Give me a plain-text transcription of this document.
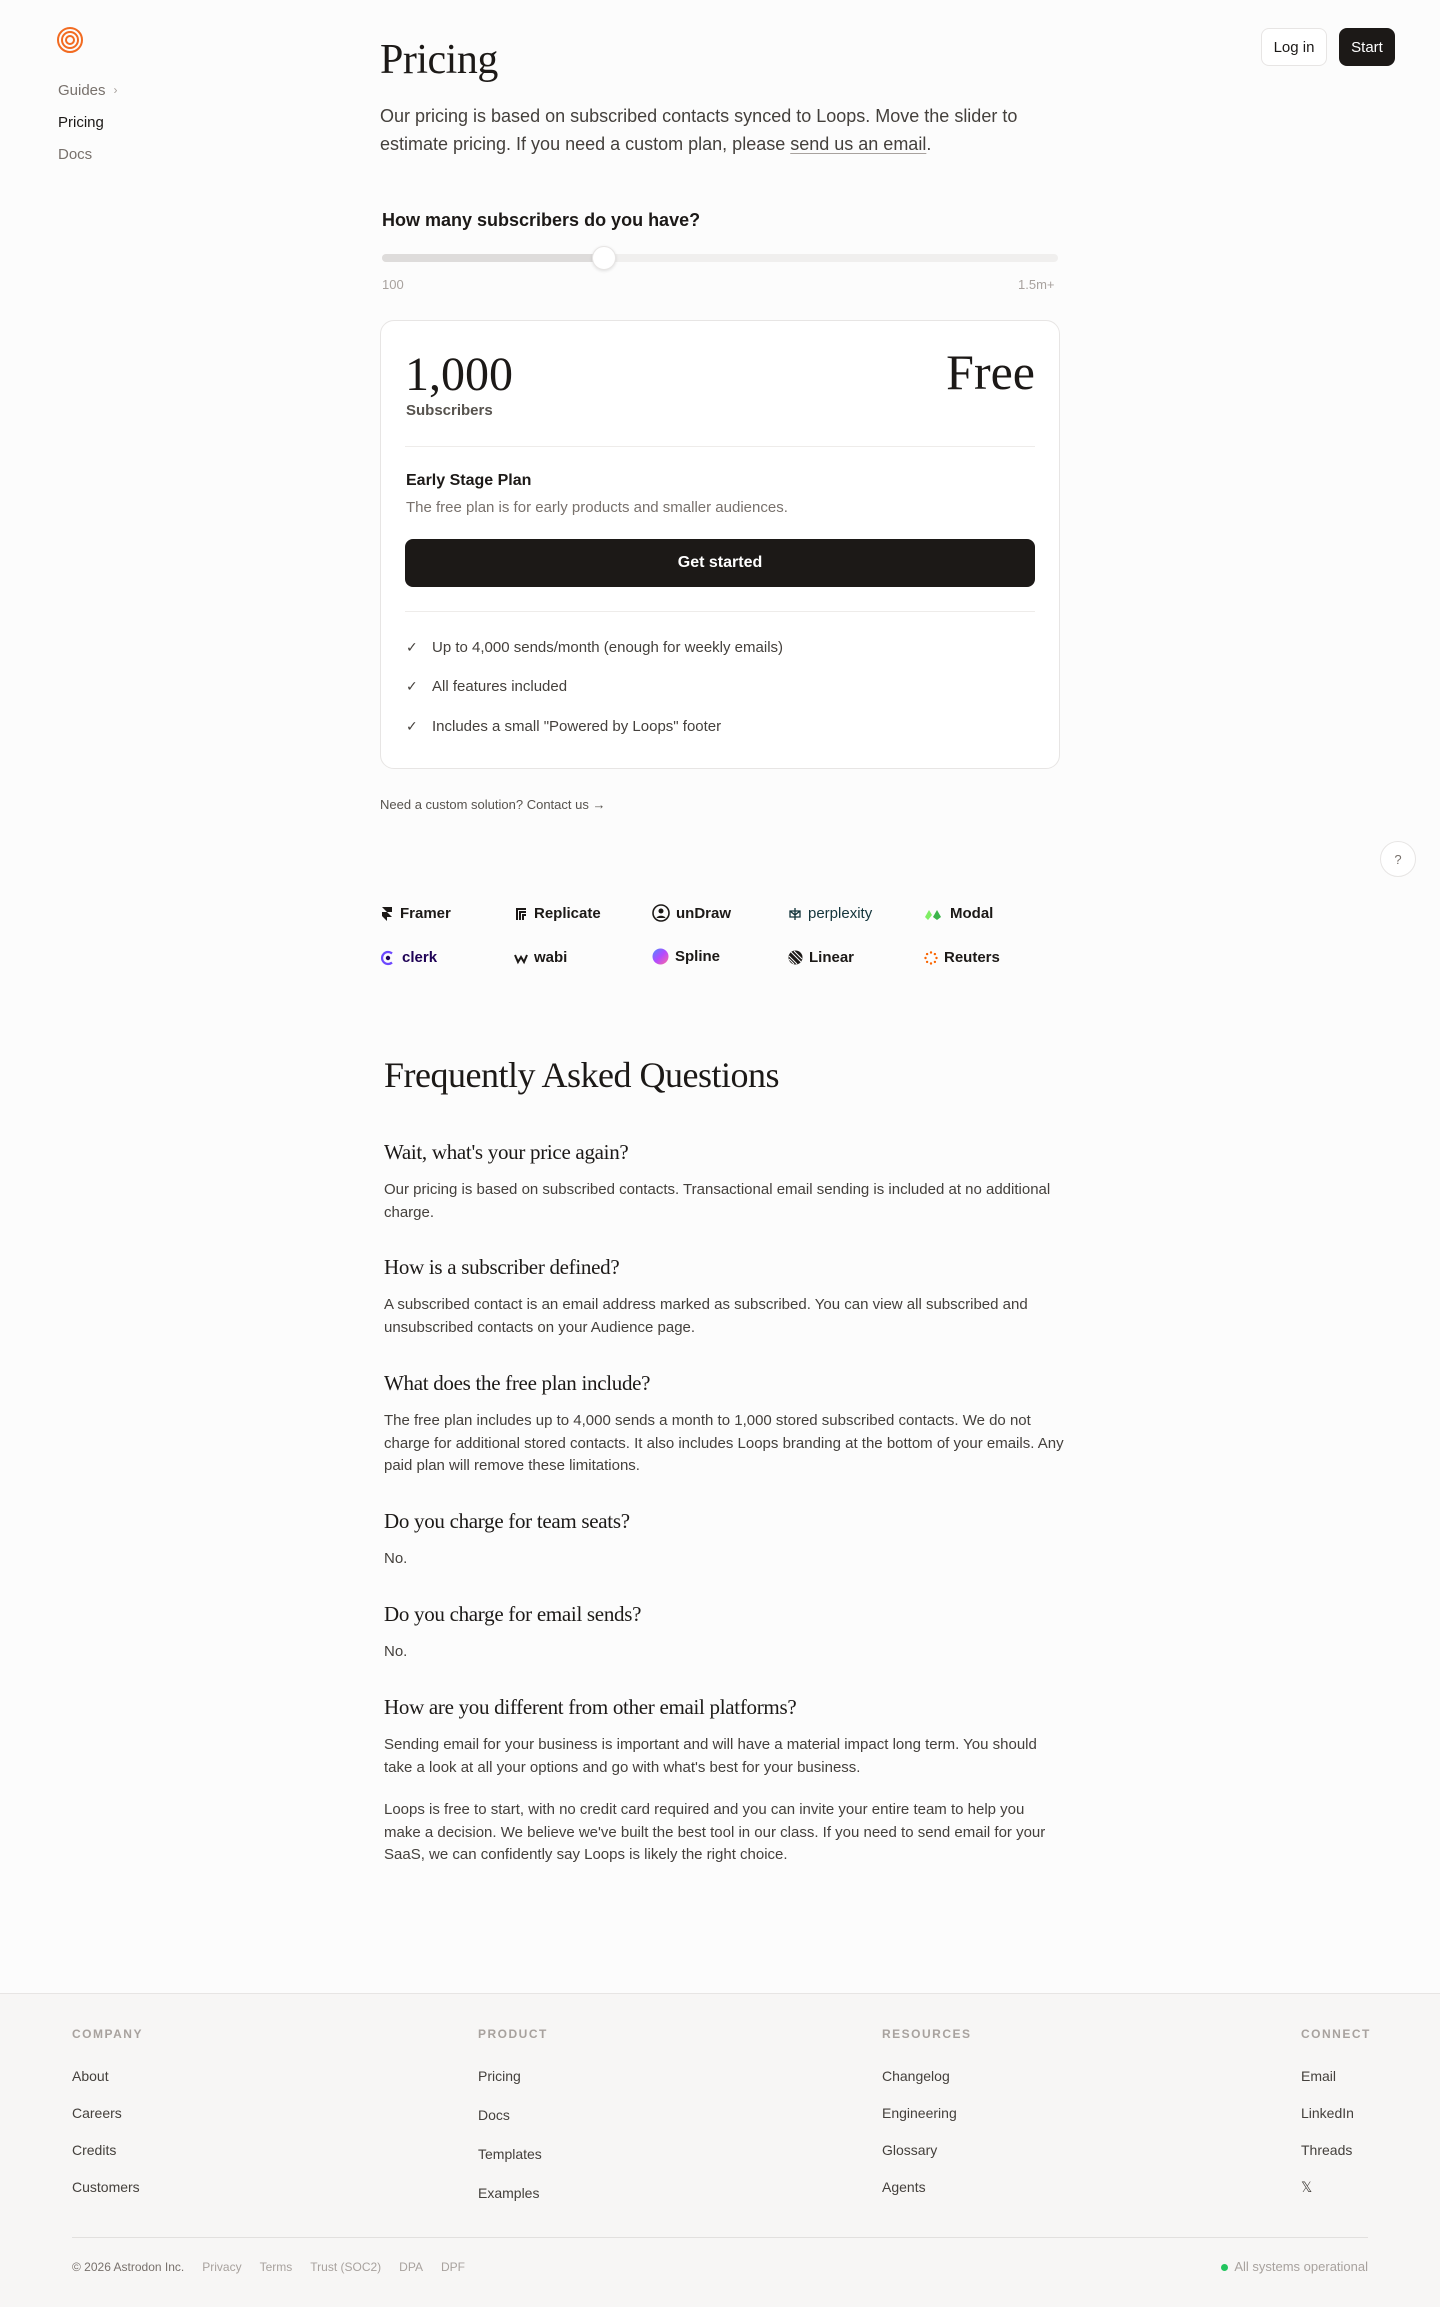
Guides ›
Pricing
Docs
Log in	Start
Pricing

Our pricing is based on subscribed contacts synced to Loops. Move the slider to estimate pricing. If you need a custom plan, please send us an email.

How many subscribers do you have?
100	1.5m+
1,000
Subscribers
Free
Early Stage Plan
The free plan is for early products and smaller audiences.
Get started
✓ Up to 4,000 sends/month (enough for weekly emails)
✓ All features included
✓ Includes a small "Powered by Loops" footer
Need a custom solution? Contact us →
?
Framer	Replicate	unDraw	perplexity	Modal
clerk	wabi	Spline	Linear	Reuters
Frequently Asked Questions
Wait, what's your price again?

Our pricing is based on subscribed contacts. Transactional email sending is included at no additional charge.

How is a subscriber defined?

A subscribed contact is an email address marked as subscribed. You can view all subscribed and unsubscribed contacts on your Audience page.

What does the free plan include?

The free plan includes up to 4,000 sends a month to 1,000 stored subscribed contacts. We do not charge for additional stored contacts. It also includes Loops branding at the bottom of your emails. Any paid plan will remove these limitations.

Do you charge for team seats?

No.

Do you charge for email sends?

No.

How are you different from other email platforms?

Sending email for your business is important and will have a material impact long term. You should take a look at all your options and go with what's best for your business.

Loops is free to start, with no credit card required and you can invite your entire team to help you make a decision. We believe we've built the best tool in our class. If you need to send email for your SaaS, we can confidently say Loops is likely the right choice.

COMPANY
About
Careers
Credits
Customers
PRODUCT
Pricing
Docs
Templates
Examples
RESOURCES
Changelog
Engineering
Glossary
Agents
CONNECT
Email
LinkedIn
Threads
𝕏
© 2026 Astrodon Inc. Privacy Terms Trust (SOC2) DPA DPF	All systems operational
